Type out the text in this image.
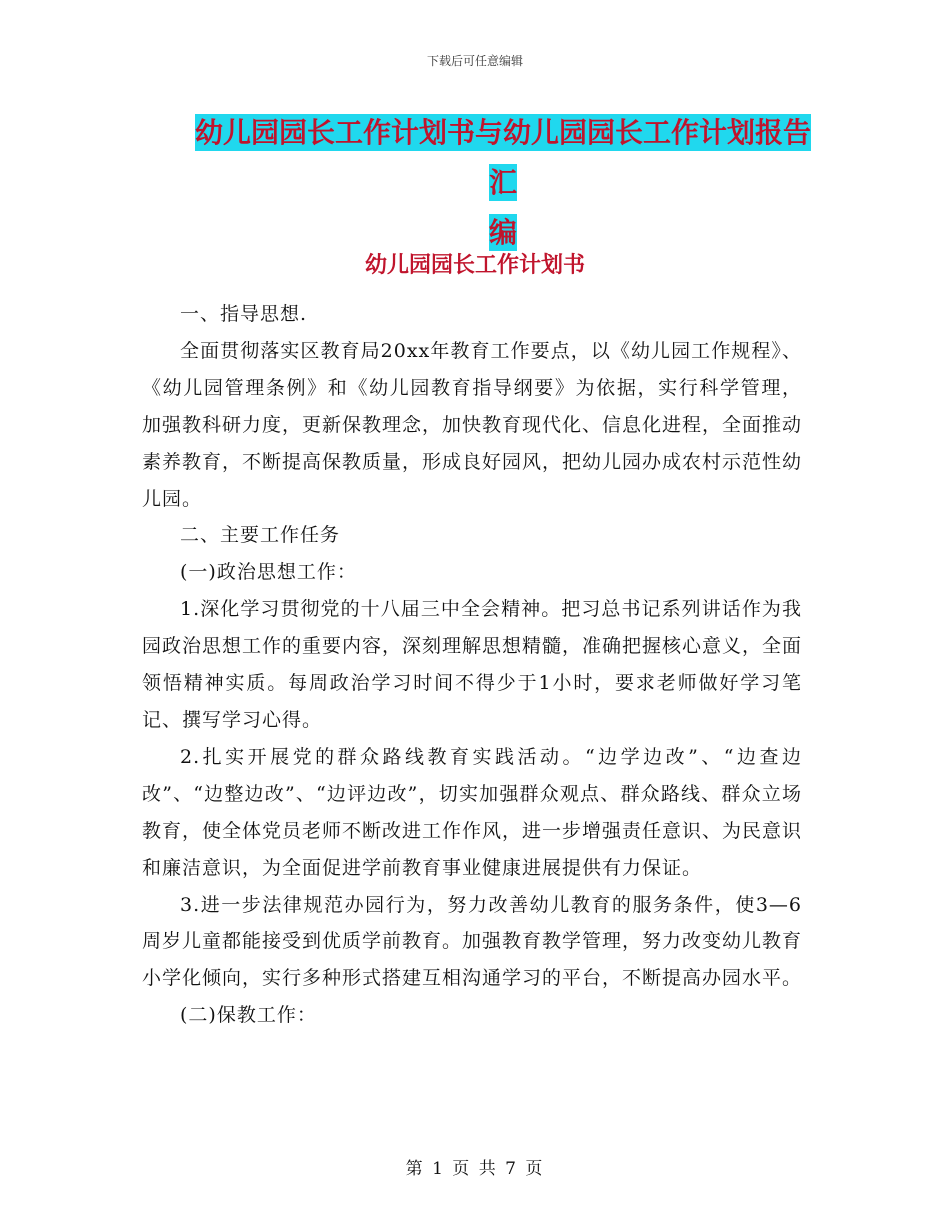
下载后可任意编辑
幼儿园园长工作计划书与幼儿园园长工作计划报告汇
编
幼儿园园长工作计划书

一、指导思想.

全面贯彻落实区教育局20xx年教育工作要点，以《幼儿园工作规程》、《幼儿园管理条例》和《幼儿园教育指导纲要》为依据，实行科学管理，加强教科研力度，更新保教理念，加快教育现代化、信息化进程，全面推动素养教育，不断提高保教质量，形成良好园风，把幼儿园办成农村示范性幼儿园。

二、主要工作任务

(一)政治思想工作：

1.深化学习贯彻党的十八届三中全会精神。把习总书记系列讲话作为我园政治思想工作的重要内容，深刻理解思想精髓，准确把握核心意义，全面领悟精神实质。每周政治学习时间不得少于1小时，要求老师做好学习笔记、撰写学习心得。

2.扎实开展党的群众路线教育实践活动。“边学边改”、“边查边改”、“边整边改”、“边评边改”，切实加强群众观点、群众路线、群众立场教育，使全体党员老师不断改进工作作风，进一步增强责任意识、为民意识和廉洁意识，为全面促进学前教育事业健康进展提供有力保证。

3.进一步法律规范办园行为，努力改善幼儿教育的服务条件，使3—6周岁儿童都能接受到优质学前教育。加强教育教学管理，努力改变幼儿教育小学化倾向，实行多种形式搭建互相沟通学习的平台，不断提高办园水平。

(二)保教工作：

第 1 页 共 7 页
